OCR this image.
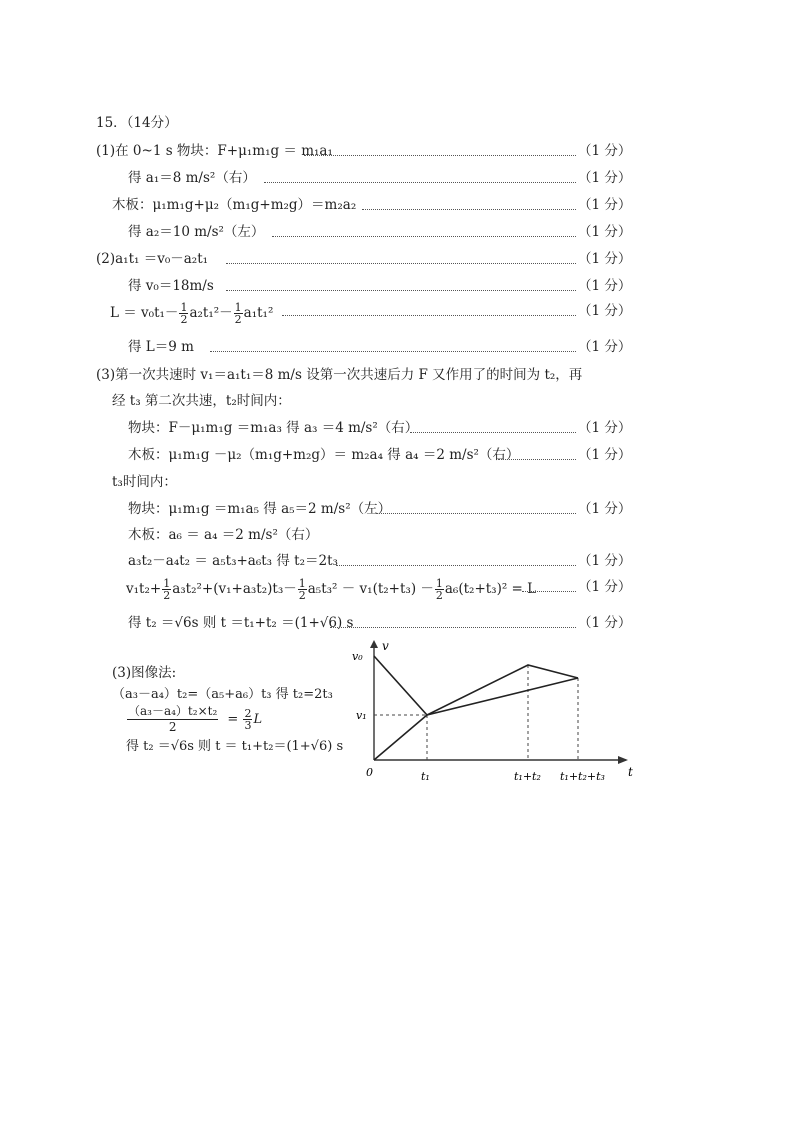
15．（14分）
(1)在 0~1 s 物块：F+μ₁m₁g ＝ m₁a₁	（1 分）
得 a₁＝8 m/s²（右）	（1 分）
木板：μ₁m₁g+μ₂（m₁g+m₂g）＝m₂a₂	（1 分）
得 a₂＝10 m/s²（左）	（1 分）
(2)a₁t₁ ＝v₀－a₂t₁	（1 分）
得 v₀＝18m/s	（1 分）
$L = v_0t_1- \frac{1}{2} a_2t_1^2- \frac{1}{2} a_1t_1^2$	（1 分）
得 L＝9 m	（1 分）
(3)第一次共速时 v₁＝a₁t₁＝8 m/s 设第一次共速后力 F 又作用了的时间为 t₂，再
经 t₃ 第二次共速，t₂时间内：
物块：F－μ₁m₁g ＝m₁a₃ 得 a₃ ＝4 m/s²（右）	（1 分）
木板：μ₁m₁g －μ₂（m₁g+m₂g）＝ m₂a₄ 得 a₄ ＝2 m/s²（右）	（1 分）
t₃时间内：
物块：μ₁m₁g ＝m₁a₅ 得 a₅＝2 m/s²（左）	（1 分）
木板：a₆ ＝ a₄ ＝2 m/s²（右）
a₃t₂－a₄t₂ ＝ a₅t₃+a₆t₃ 得 t₂＝2t₃	（1 分）
$v_1t_2+ \frac{1}{2} a_3t_2^2+(v_1+a_3t_2)t_3- \frac{1}{2} a_5t_3^2 - v_1(t_2+t_3) - \frac{1}{2} a_6(t_2+t_3)^2 = L$	（1 分）
得 t₂ ＝√6s 则 t ＝t₁+t₂ ＝(1+√6) s	（1 分）
(3)图像法:
（a₃－a₄）t₂=（a₅+a₆）t₃ 得 t₂=2t₃
$\frac{\text{（a₃－a₄）t₂×t₂}}{2} = \frac{2}{3}$ L
得 t₂ ＝√6s 则 t ＝ t₁+t₂＝(1+√6) s
v
t
0
v₀
v₁
t₁	t₁+t₂ t₁+t₂+t₃
